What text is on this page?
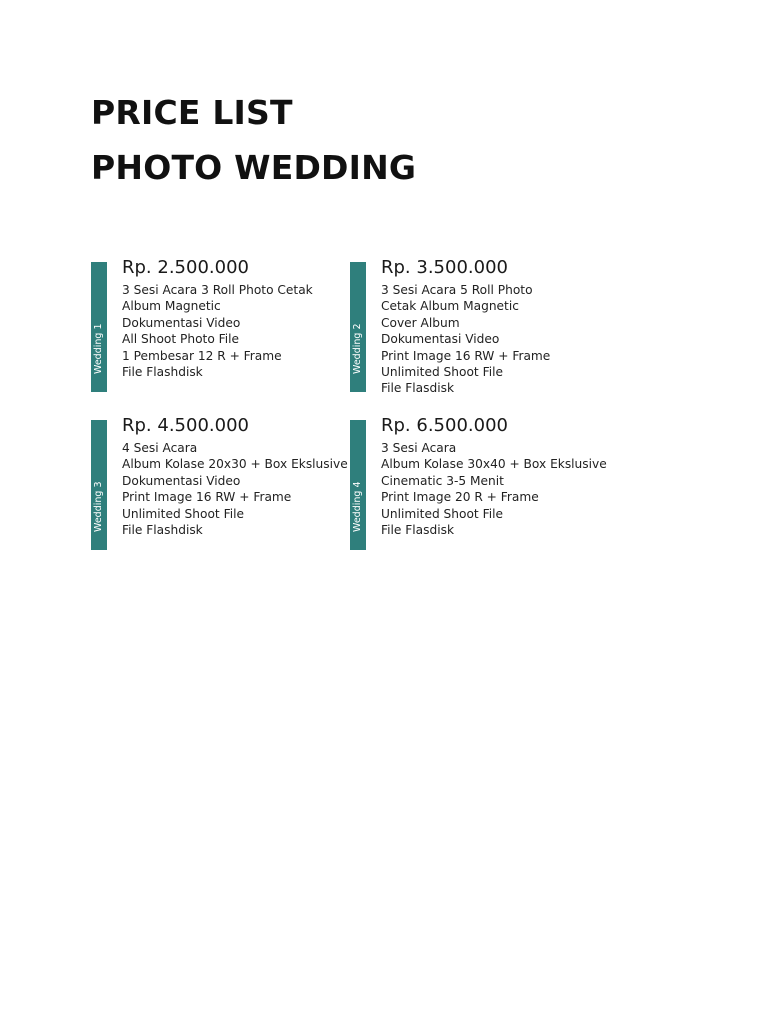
PRICE LIST
PHOTO WEDDING
Wedding 1
Rp. 2.500.000
3 Sesi Acara 3 Roll Photo Cetak
Album Magnetic
Dokumentasi Video
All Shoot Photo File
1 Pembesar 12 R + Frame
File Flashdisk	Wedding 2
Rp. 3.500.000
3 Sesi Acara 5 Roll Photo
Cetak Album Magnetic
Cover Album
Dokumentasi Video
Print Image 16 RW + Frame
Unlimited Shoot File
File Flasdisk
Wedding 3
Rp. 4.500.000
4 Sesi Acara
Album Kolase 20x30 + Box Ekslusive
Dokumentasi Video
Print Image 16 RW + Frame
Unlimited Shoot File
File Flashdisk	Wedding 4
Rp. 6.500.000
3 Sesi Acara
Album Kolase 30x40 + Box Ekslusive
Cinematic 3-5 Menit
Print Image 20 R + Frame
Unlimited Shoot File
File Flasdisk
